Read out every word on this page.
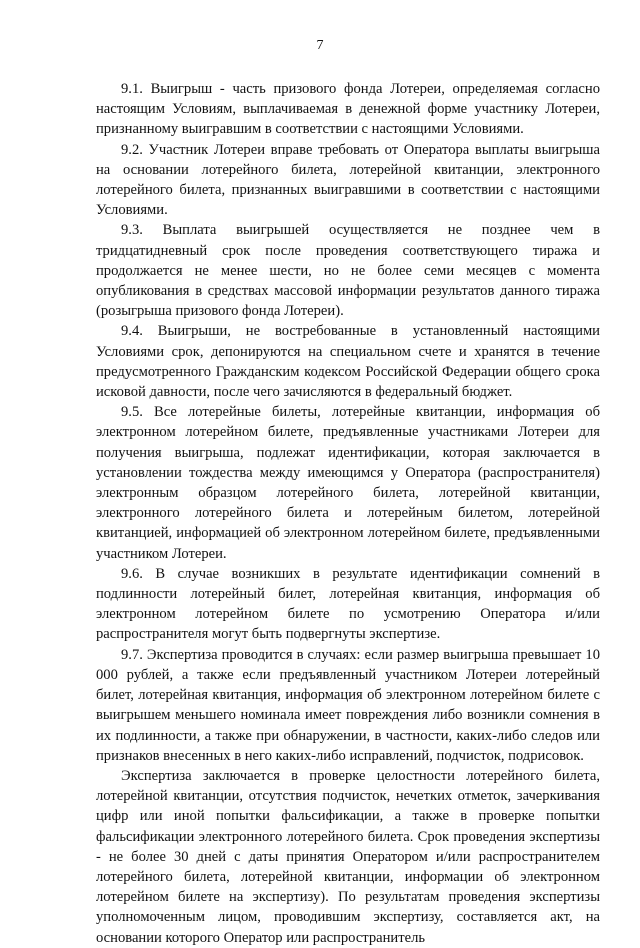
7

9.1. Выигрыш - часть призового фонда Лотереи, определяемая согласно настоящим Условиям, выплачиваемая в денежной форме участнику Лотереи, признанному выигравшим в соответствии с настоящими Условиями.

9.2. Участник Лотереи вправе требовать от Оператора выплаты выигрыша на основании лотерейного билета, лотерейной квитанции, электронного лотерейного билета, признанных выигравшими в соответствии с настоящими Условиями.

9.3. Выплата выигрышей осуществляется не позднее чем в тридцатидневный срок после проведения соответствующего тиража и продолжается не менее шести, но не более семи месяцев с момента опубликования в средствах массовой информации результатов данного тиража (розыгрыша призового фонда Лотереи).

9.4. Выигрыши, не востребованные в установленный настоящими Условиями срок, депонируются на специальном счете и хранятся в течение предусмотренного Гражданским кодексом Российской Федерации общего срока исковой давности, после чего зачисляются в федеральный бюджет.

9.5. Все лотерейные билеты, лотерейные квитанции, информация об электронном лотерейном билете, предъявленные участниками Лотереи для получения выигрыша, подлежат идентификации, которая заключается в установлении тождества между имеющимся у Оператора (распространителя) электронным образцом лотерейного билета, лотерейной квитанции, электронного лотерейного билета и лотерейным билетом, лотерейной квитанцией, информацией об электронном лотерейном билете, предъявленными участником Лотереи.

9.6. В случае возникших в результате идентификации сомнений в подлинности лотерейный билет, лотерейная квитанция, информация об электронном лотерейном билете по усмотрению Оператора и/или распространителя могут быть подвергнуты экспертизе.

9.7. Экспертиза проводится в случаях: если размер выигрыша превышает 10 000 рублей, а также если предъявленный участником Лотереи лотерейный билет, лотерейная квитанция, информация об электронном лотерейном билете с выигрышем меньшего номинала имеет повреждения либо возникли сомнения в их подлинности, а также при обнаружении, в частности, каких-либо следов или признаков внесенных в него каких-либо исправлений, подчисток, подрисовок.

Экспертиза заключается в проверке целостности лотерейного билета, лотерейной квитанции, отсутствия подчисток, нечетких отметок, зачеркивания цифр или иной попытки фальсификации, а также в проверке попытки фальсификации электронного лотерейного билета. Срок проведения экспертизы - не более 30 дней с даты принятия Оператором и/или распространителем лотерейного билета, лотерейной квитанции, информации об электронном лотерейном билете на экспертизу). По результатам проведения экспертизы уполномоченным лицом, проводившим экспертизу, составляется акт, на основании которого Оператор или распространитель
